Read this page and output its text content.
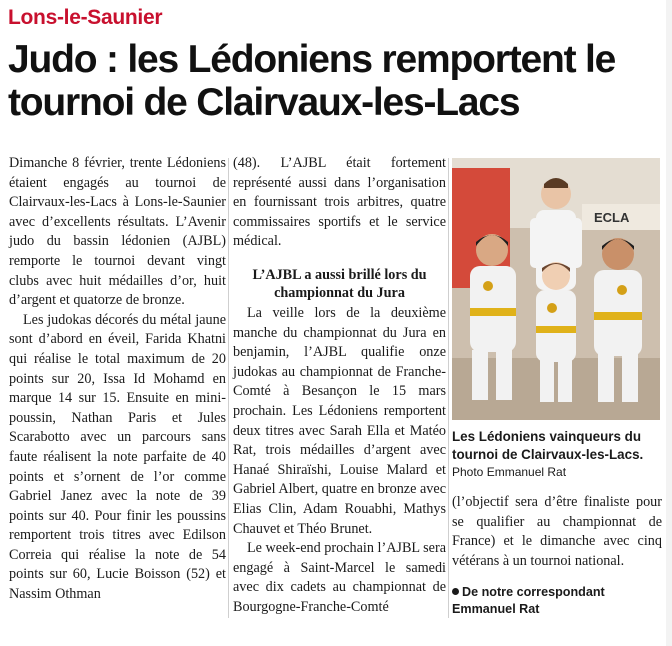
Lons-le-Saunier
Judo : les Lédoniens remportent le tournoi de Clairvaux-les-Lacs

Dimanche 8 février, trente Lédoniens étaient engagés au tournoi de Clairvaux-les-Lacs à Lons-le-Saunier avec d’excellents résultats. L’Avenir judo du bassin lédonien (AJBL) remporte le tournoi devant vingt clubs avec huit médailles d’or, huit d’argent et quatorze de bronze.

Les judokas décorés du métal jaune sont d’abord en éveil, Farida Khatni qui réalise le total maximum de 20 points sur 20, Issa Id Mohamd en marque 14 sur 15. Ensuite en mini-poussin, Nathan Paris et Jules Scarabotto avec un parcours sans faute réalisent la note parfaite de 40 points et s’ornent de l’or comme Gabriel Janez avec la note de 39 points sur 40. Pour finir les poussins remportent trois titres avec Edilson Correia qui réalise la note de 54 points sur 60, Lucie Boisson (52) et Nassim Othman

(48). L’AJBL était fortement représenté aussi dans l’organisation en fournissant trois arbitres, quatre commissaires sportifs et le service médical.

L’AJBL a aussi brillé lors du championnat du Jura

La veille lors de la deuxième manche du championnat du Jura en benjamin, l’AJBL qualifie onze judokas au championnat de Franche-Comté à Besançon le 15 mars prochain. Les Lédoniens remportent deux titres avec Sarah Ella et Matéo Rat, trois médailles d’argent avec Hanaé Shiraïshi, Louise Malard et Gabriel Albert, quatre en bronze avec Elias Clin, Adam Rouabhi, Mathys Chauvet et Théo Brunet.

Le week-end prochain l’AJBL sera engagé à Saint-Marcel le samedi avec dix cadets au championnat de Bourgogne-Franche-Comté

ECLA
Les Lédoniens vainqueurs du tournoi de Clairvaux-les-Lacs. Photo Emmanuel Rat

(l’objectif sera d’être finaliste pour se qualifier au championnat de France) et le dimanche avec cinq vétérans à un tournoi national.

De notre correspondant
Emmanuel Rat
